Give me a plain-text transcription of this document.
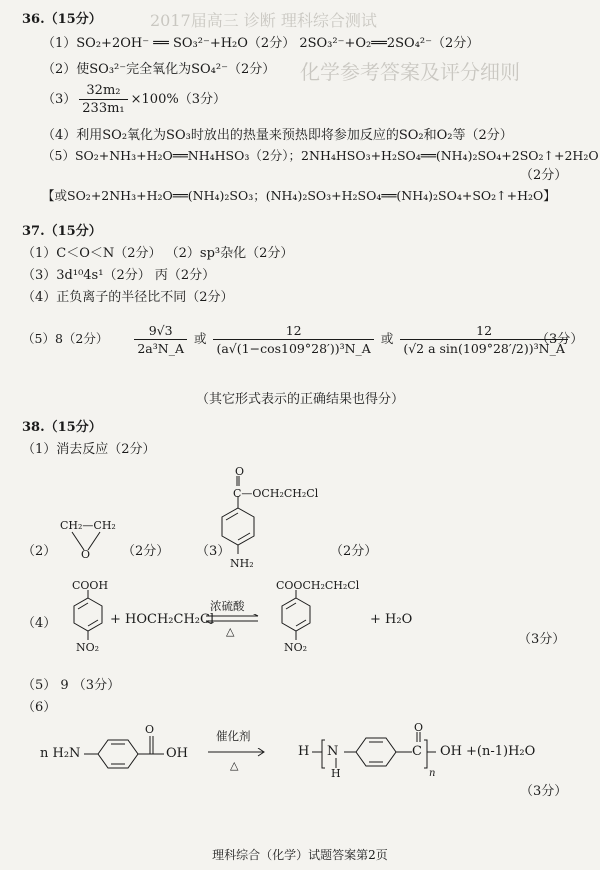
2017届高三 诊断 理科综合测试
化学参考答案及评分细则
36.（15分）
（1）SO₂+2OH⁻ ══ SO₃²⁻+H₂O（2分） 2SO₃²⁻+O₂══2SO₄²⁻（2分）
（2）使SO₃²⁻完全氧化为SO₄²⁻（2分）
$(3) \frac{\text{32m₂}}{\text{233m₁}} \times 100\%(3$分）
（4）利用SO₂氧化为SO₃时放出的热量来预热即将参加反应的SO₂和O₂等（2分）
（5）SO₂+NH₃+H₂O══NH₄HSO₃（2分）；2NH₄HSO₃+H₂SO₄══(NH₄)₂SO₄+2SO₂↑+2H₂O
（2分）
【或SO₂+2NH₃+H₂O══(NH₄)₂SO₃；(NH₄)₂SO₃+H₂SO₄══(NH₄)₂SO₄+SO₂↑+H₂O】
37.（15分）
（1）C＜O＜N（2分） （2）sp³杂化（2分）
（3）3d¹⁰4s¹（2分） 丙（2分）
（4）正负离子的半径比不同（2分）
（5）8（2分） $\frac{9√3}{\text{2a³N\_A}}$ 或 $\frac{12}{\text{(a√(1−cos109°28′))³N\_A}}$ 或 $\frac{12}{\text{(√2 a sin(109°28′/2))³N\_A}}$
（3分）
（其它形式表示的正确结果也得分）
38.（15分）
（1）消去反应（2分）
（2）
CH₂—CH₂
O （2分） （3）
O
C—OCH₂CH₂Cl
NH₂
（2分）
（4）
COOH
NO₂
+ HOCH₂CH₂Cl
浓硫酸
△
COOCH₂CH₂Cl
NO₂
+ H₂O
（3分）
（5） 9 （3分）
（6）
n H₂N
O
OH
催化剂
△
H N
H
C
O
n
OH +(n-1)H₂O
（3分）
理科综合（化学）试题答案第2页
